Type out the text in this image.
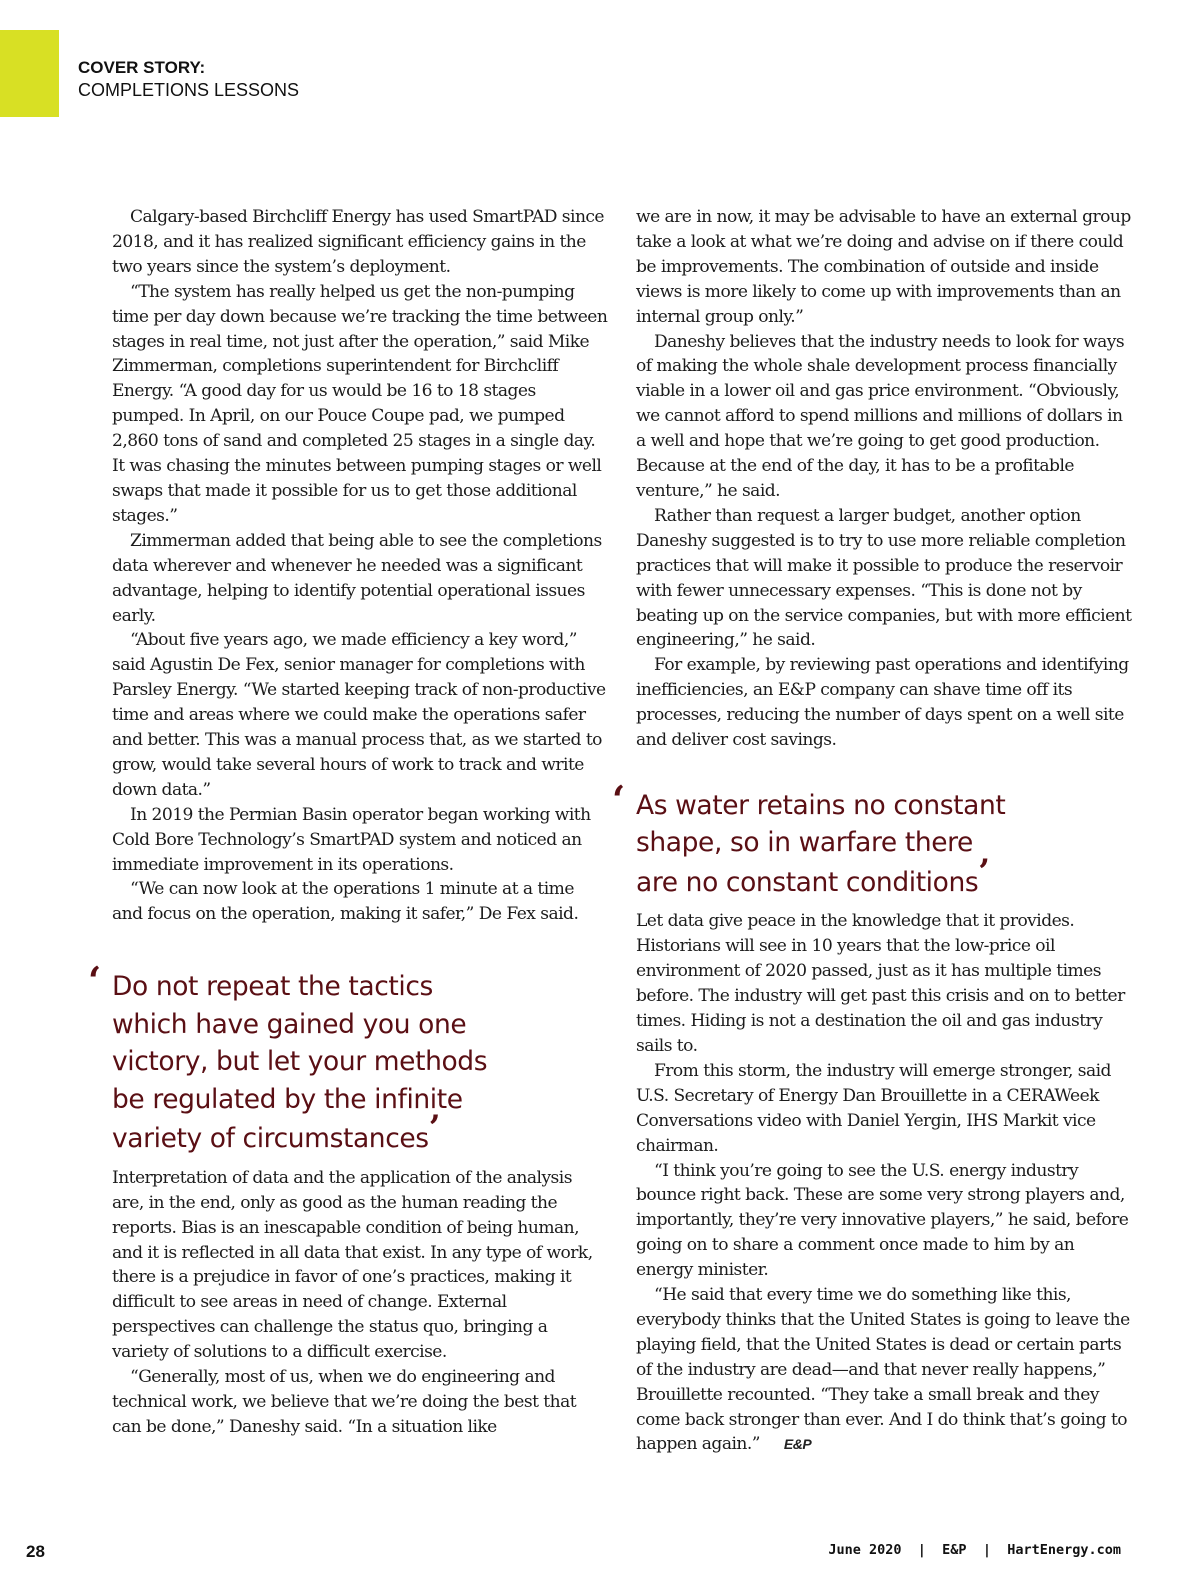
COVER STORY:
COMPLETIONS LESSONS

Calgary-based Birchcliff Energy has used SmartPAD since 2018, and it has realized significant efficiency gains in the two years since the system’s deployment.

“The system has really helped us get the non-pumping time per day down because we’re tracking the time between stages in real time, not just after the operation,” said Mike Zimmerman, completions superintendent for Birchcliff Energy. “A good day for us would be 16 to 18 stages pumped. In April, on our Pouce Coupe pad, we pumped 2,860 tons of sand and completed 25 stages in a single day. It was chasing the minutes between pumping stages or well swaps that made it possible for us to get those additional stages.”

Zimmerman added that being able to see the completions data wherever and whenever he needed was a significant advantage, helping to identify potential operational issues early.

“About five years ago, we made efficiency a key word,” said Agustin De Fex, senior manager for completions with Parsley Energy. “We started keeping track of non-productive time and areas where we could make the operations safer and better. This was a manual process that, as we started to grow, would take several hours of work to track and write down data.”

In 2019 the Permian Basin operator began working with Cold Bore Technology’s SmartPAD system and noticed an immediate improvement in its operations.

“We can now look at the operations 1 minute at a time and focus on the operation, making it safer,” De Fex said.

‘ Do not repeat the tactics
which have gained you one
victory, but let your methods
be regulated by the infinite
variety of circumstances’

Interpretation of data and the application of the analysis are, in the end, only as good as the human reading the reports. Bias is an inescapable condition of being human, and it is reflected in all data that exist. In any type of work, there is a prejudice in favor of one’s practices, making it difficult to see areas in need of change. External perspectives can challenge the status quo, bringing a variety of solutions to a difficult exercise.

“Generally, most of us, when we do engineering and technical work, we believe that we’re doing the best that can be done,” Daneshy said. “In a situation like

we are in now, it may be advisable to have an external group take a look at what we’re doing and advise on if there could be improvements. The combination of outside and inside views is more likely to come up with improvements than an internal group only.”

Daneshy believes that the industry needs to look for ways of making the whole shale development process financially viable in a lower oil and gas price environment. “Obviously, we cannot afford to spend millions and millions of dollars in a well and hope that we’re going to get good production. Because at the end of the day, it has to be a profitable venture,” he said.

Rather than request a larger budget, another option Daneshy suggested is to try to use more reliable completion practices that will make it possible to produce the reservoir with fewer unnecessary expenses. “This is done not by beating up on the service companies, but with more efficient engineering,” he said.

For example, by reviewing past operations and identifying inefficiencies, an E&P company can shave time off its processes, reducing the number of days spent on a well site and deliver cost savings.

‘ As water retains no constant
shape, so in warfare there
are no constant conditions’

Let data give peace in the knowledge that it provides. Historians will see in 10 years that the low-price oil environment of 2020 passed, just as it has multiple times before. The industry will get past this crisis and on to better times. Hiding is not a destination the oil and gas industry sails to.

From this storm, the industry will emerge stronger, said U.S. Secretary of Energy Dan Brouillette in a CERAWeek Conversations video with Daniel Yergin, IHS Markit vice chairman.

“I think you’re going to see the U.S. energy industry bounce right back. These are some very strong players and, importantly, they’re very innovative players,” he said, before going on to share a comment once made to him by an energy minister.

“He said that every time we do something like this, everybody thinks that the United States is going to leave the playing field, that the United States is dead or certain parts of the industry are dead—and that never really happens,” Brouillette recounted. “They take a small break and they come back stronger than ever. And I do think that’s going to happen again.” E&P

28	June 2020  |  E&P  |  HartEnergy.com
